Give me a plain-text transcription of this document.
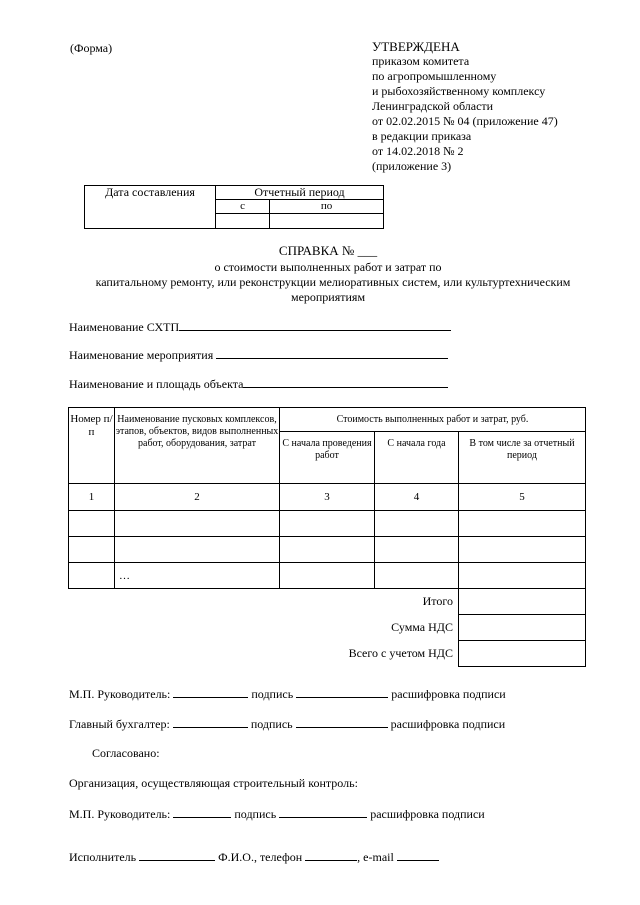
(Форма)	УТВЕРЖДЕНА
приказом комитета
по агропромышленному
и рыбохозяйственному комплексу
Ленинградской области
от 02.02.2015 № 04 (приложение 47)
в редакции приказа
от 14.02.2018 № 2
(приложение 3)
Дата составления	Отчетный период	
	с	по

СПРАВКА № ___
о стоимости выполненных работ и затрат по
капитальному ремонту, или реконструкции мелиоративных систем, или культуртехническим
мероприятиям
Наименование СХТП
Наименование мероприятия
Наименование и площадь объекта
Номер п/п	Наименование пусковых комплексов, этапов, объектов, видов выполненных работ, оборудования, затрат	Стоимость выполненных работ и затрат, руб.		
		С начала проведения работ	С начала года	В том числе за отчетный период
1	2	3	4	5

	…			
Итого				
Сумма НДС				
Всего с учетом НДС				
М.П. Руководитель:	подпись	расшифровка подписи
Главный бухгалтер:	подпись	расшифровка подписи
Согласовано:
Организация, осуществляющая строительный контроль:
М.П. Руководитель:	подпись	расшифровка подписи
Исполнитель	Ф.И.О., телефон	, e-mail
